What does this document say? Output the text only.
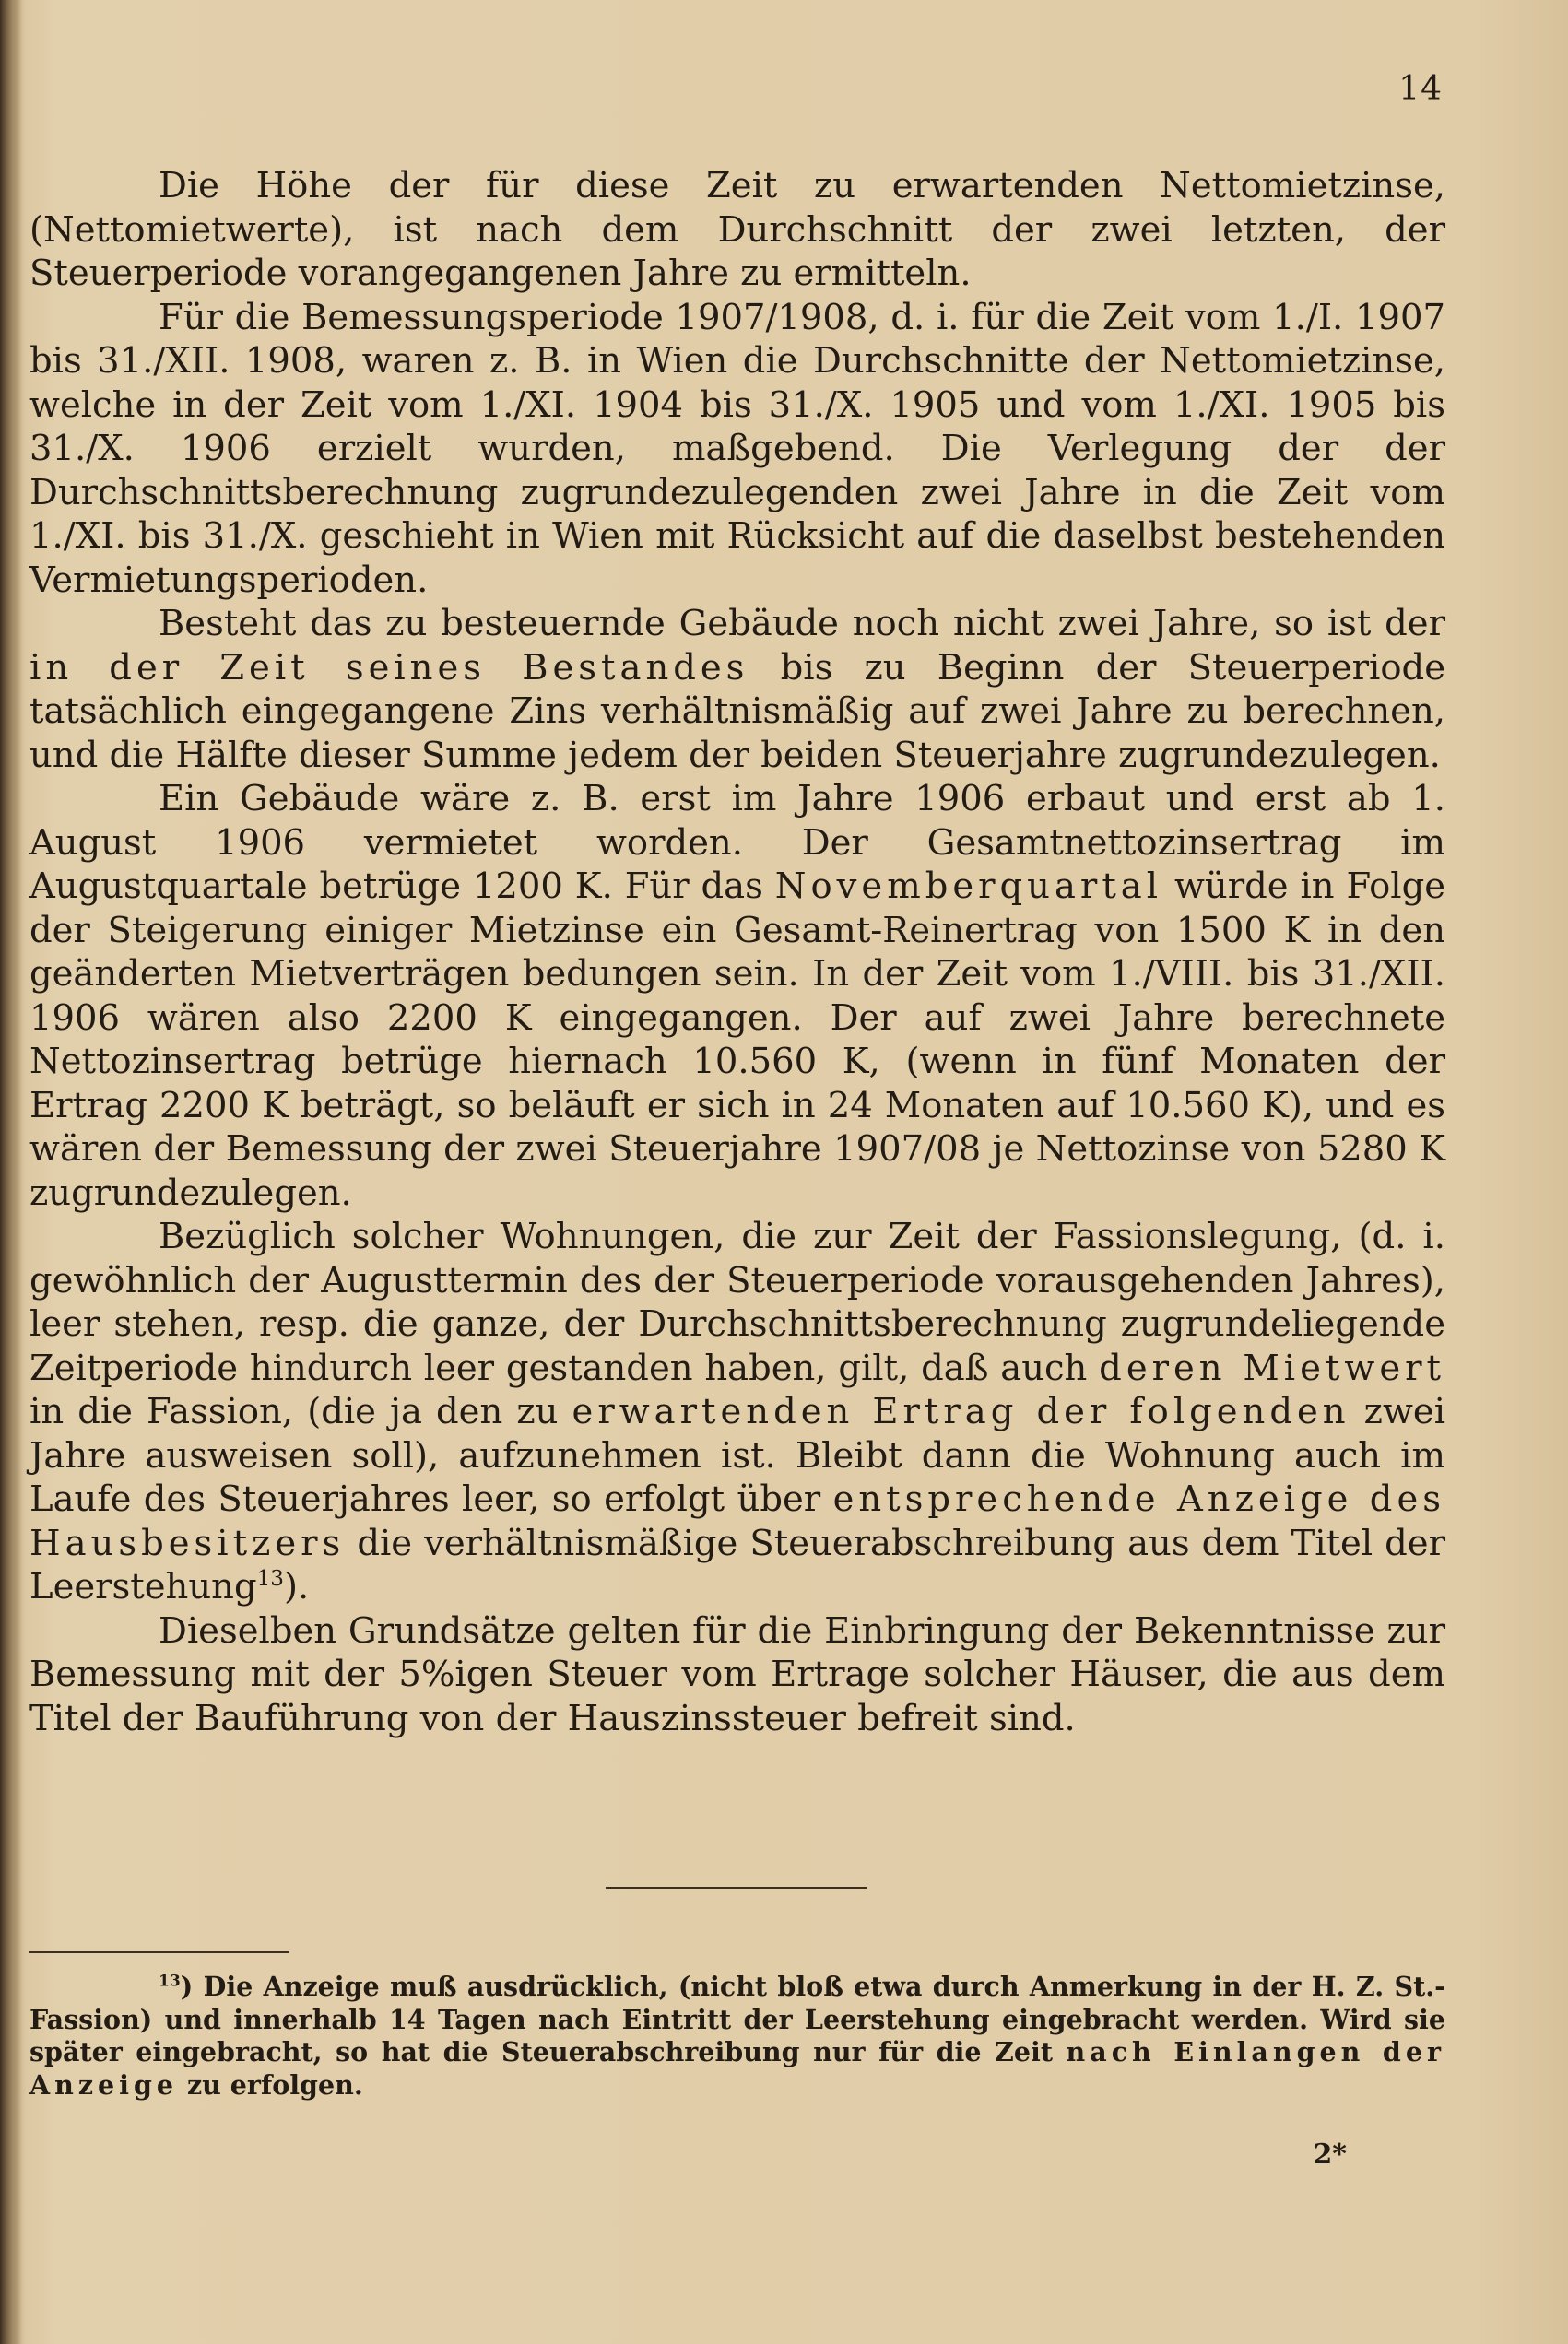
14

Die Höhe der für diese Zeit zu erwartenden Nettomietzinse, (Nettomietwerte), ist nach dem Durchschnitt der zwei letzten, der Steuerperiode vorangegangenen Jahre zu ermitteln.

Für die Bemessungsperiode 1907/1908, d. i. für die Zeit vom 1./I. 1907 bis 31./XII. 1908, waren z. B. in Wien die Durchschnitte der Nettomietzinse, welche in der Zeit vom 1./XI. 1904 bis 31./X. 1905 und vom 1./XI. 1905 bis 31./X. 1906 erzielt wurden, maßgebend. Die Verlegung der der Durchschnittsberechnung zugrundezulegenden zwei Jahre in die Zeit vom 1./XI. bis 31./X. geschieht in Wien mit Rücksicht auf die daselbst bestehenden Vermietungsperioden.

Besteht das zu besteuernde Gebäude noch nicht zwei Jahre, so ist der in der Zeit seines Bestandes bis zu Beginn der Steuerperiode tatsächlich eingegangene Zins verhältnismäßig auf zwei Jahre zu berechnen, und die Hälfte dieser Summe jedem der beiden Steuerjahre zugrundezulegen.

Ein Gebäude wäre z. B. erst im Jahre 1906 erbaut und erst ab 1. August 1906 vermietet worden. Der Gesamtnettozinsertrag im Augustquartale betrüge 1200 K. Für das Novemberquartal würde in Folge der Steigerung einiger Mietzinse ein Gesamt-Reinertrag von 1500 K in den geänderten Mietverträgen bedungen sein. In der Zeit vom 1./VIII. bis 31./XII. 1906 wären also 2200 K eingegangen. Der auf zwei Jahre berechnete Nettozinsertrag betrüge hiernach 10.560 K, (wenn in fünf Monaten der Ertrag 2200 K beträgt, so beläuft er sich in 24 Monaten auf 10.560 K), und es wären der Bemessung der zwei Steuerjahre 1907/08 je Nettozinse von 5280 K zugrundezulegen.

Bezüglich solcher Wohnungen, die zur Zeit der Fassionslegung, (d. i. gewöhnlich der Augusttermin des der Steuerperiode vorausgehenden Jahres), leer stehen, resp. die ganze, der Durchschnittsberechnung zugrundeliegende Zeitperiode hindurch leer gestanden haben, gilt, daß auch deren Mietwert in die Fassion, (die ja den zu erwartenden Ertrag der folgenden zwei Jahre ausweisen soll), aufzunehmen ist. Bleibt dann die Wohnung auch im Laufe des Steuerjahres leer, so erfolgt über entsprechende Anzeige des Hausbesitzers die verhältnismäßige Steuerabschreibung aus dem Titel der Leerstehung$^{13}$).

Dieselben Grundsätze gelten für die Einbringung der Bekenntnisse zur Bemessung mit der 5%igen Steuer vom Ertrage solcher Häuser, die aus dem Titel der Bauführung von der Hauszinssteuer befreit sind.

$^{13}$) Die Anzeige muß ausdrücklich, (nicht bloß etwa durch Anmerkung in der H. Z. St.-Fassion) und innerhalb 14 Tagen nach Eintritt der Leerstehung eingebracht werden. Wird sie später eingebracht, so hat die Steuerabschreibung nur für die Zeit nach Einlangen der Anzeige zu erfolgen.

2*
